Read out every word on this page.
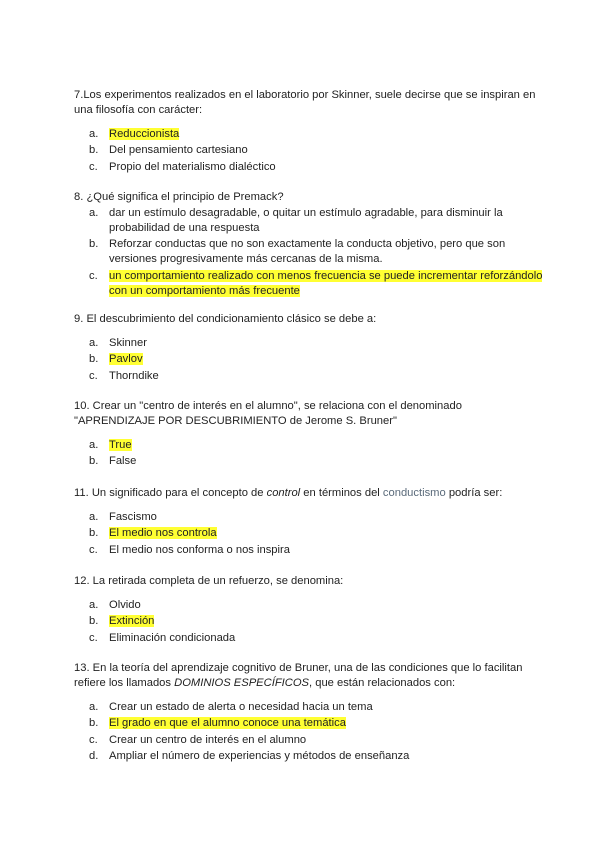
7.Los experimentos realizados en el laboratorio por Skinner, suele decirse que se inspiran en una filosofía con carácter:

a. Reduccionista
b. Del pensamiento cartesiano
c.	Propio del materialismo dialéctico

8. ¿Qué significa el principio de Premack?

a. dar un estímulo desagradable, o quitar un estímulo agradable, para disminuir la probabilidad de una respuesta
b. Reforzar conductas que no son exactamente la conducta objetivo, pero que son versiones progresivamente más cercanas de la misma.
c.	un comportamiento realizado con menos frecuencia se puede incrementar reforzándolo con un comportamiento más frecuente

9. El descubrimiento del condicionamiento clásico se debe a:

a. Skinner
b. Pavlov
c.	Thorndike

10. Crear un "centro de interés en el alumno", se relaciona con el denominado "APRENDIZAJE POR DESCUBRIMIENTO de Jerome S. Bruner"

a. True
b. False

11. Un significado para el concepto de control en términos del conductismo podría ser:

a. Fascismo
b. El medio nos controla
c.	El medio nos conforma o nos inspira

12. La retirada completa de un refuerzo, se denomina:

a. Olvido
b. Extinción
c.	Eliminación condicionada

13. En la teoría del aprendizaje cognitivo de Bruner, una de las condiciones que lo facilitan refiere los llamados DOMINIOS ESPECÍFICOS, que están relacionados con:

a. Crear un estado de alerta o necesidad hacia un tema
b. El grado en que el alumno conoce una temática
c.	Crear un centro de interés en el alumno
d. Ampliar el número de experiencias y métodos de enseñanza
